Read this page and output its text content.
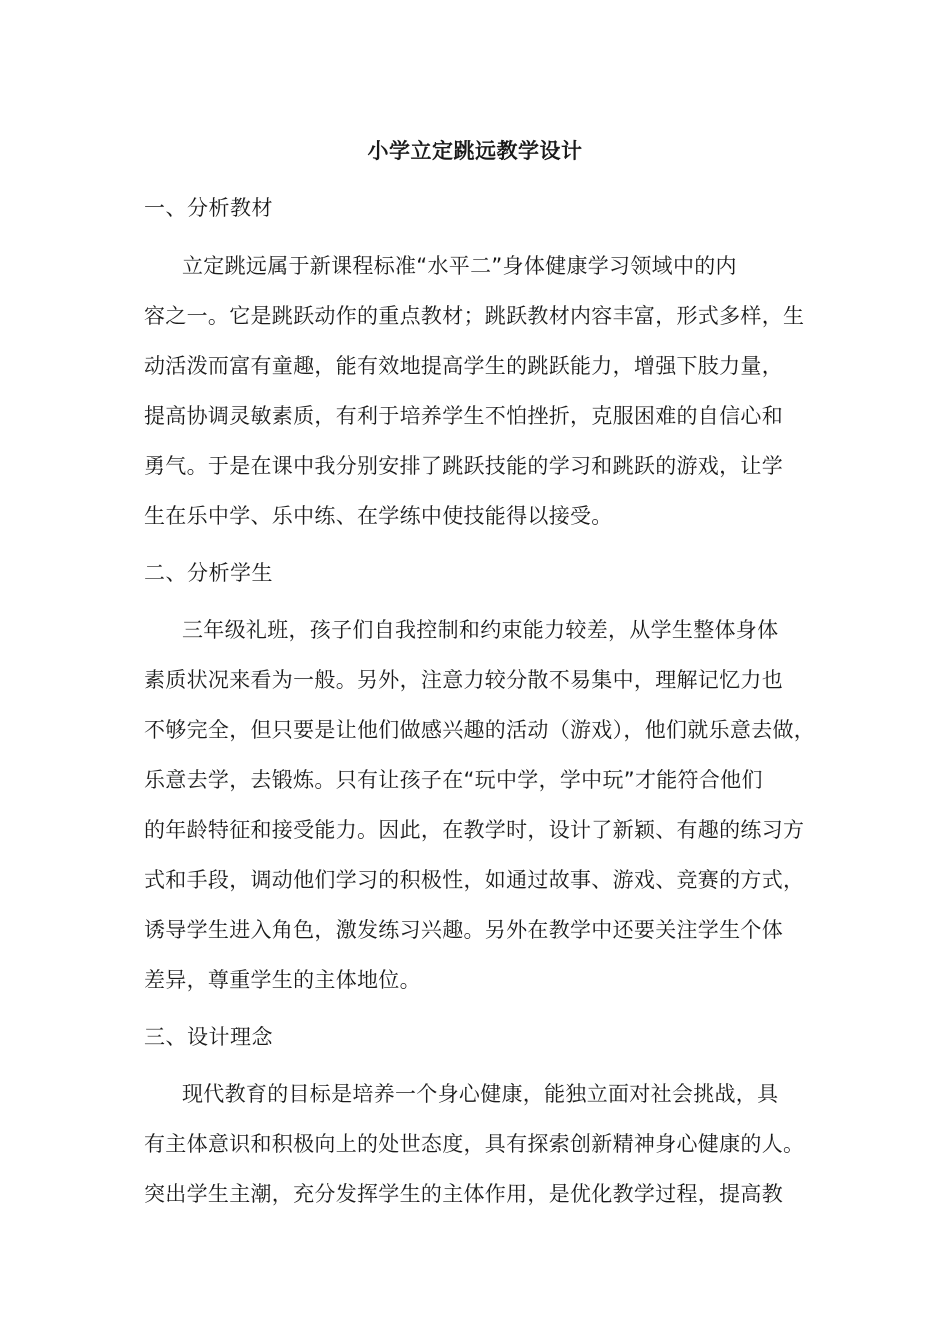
小学立定跳远教学设计
一、分析教材
立定跳远属于新课程标准“水平二”身体健康学习领域中的内
容之一。它是跳跃动作的重点教材；跳跃教材内容丰富，形式多样，生
动活泼而富有童趣，能有效地提高学生的跳跃能力，增强下肢力量，
提高协调灵敏素质，有利于培养学生不怕挫折，克服困难的自信心和
勇气。于是在课中我分别安排了跳跃技能的学习和跳跃的游戏，让学
生在乐中学、乐中练、在学练中使技能得以接受。
二、分析学生
三年级礼班，孩子们自我控制和约束能力较差，从学生整体身体
素质状况来看为一般。另外，注意力较分散不易集中，理解记忆力也
不够完全，但只要是让他们做感兴趣的活动（游戏），他们就乐意去做，
乐意去学，去锻炼。只有让孩子在“玩中学，学中玩”才能符合他们
的年龄特征和接受能力。因此，在教学时，设计了新颖、有趣的练习方
式和手段，调动他们学习的积极性，如通过故事、游戏、竞赛的方式，
诱导学生进入角色，激发练习兴趣。另外在教学中还要关注学生个体
差异，尊重学生的主体地位。
三、设计理念
现代教育的目标是培养一个身心健康，能独立面对社会挑战，具
有主体意识和积极向上的处世态度，具有探索创新精神身心健康的人。
突出学生主潮，充分发挥学生的主体作用，是优化教学过程，提高教
